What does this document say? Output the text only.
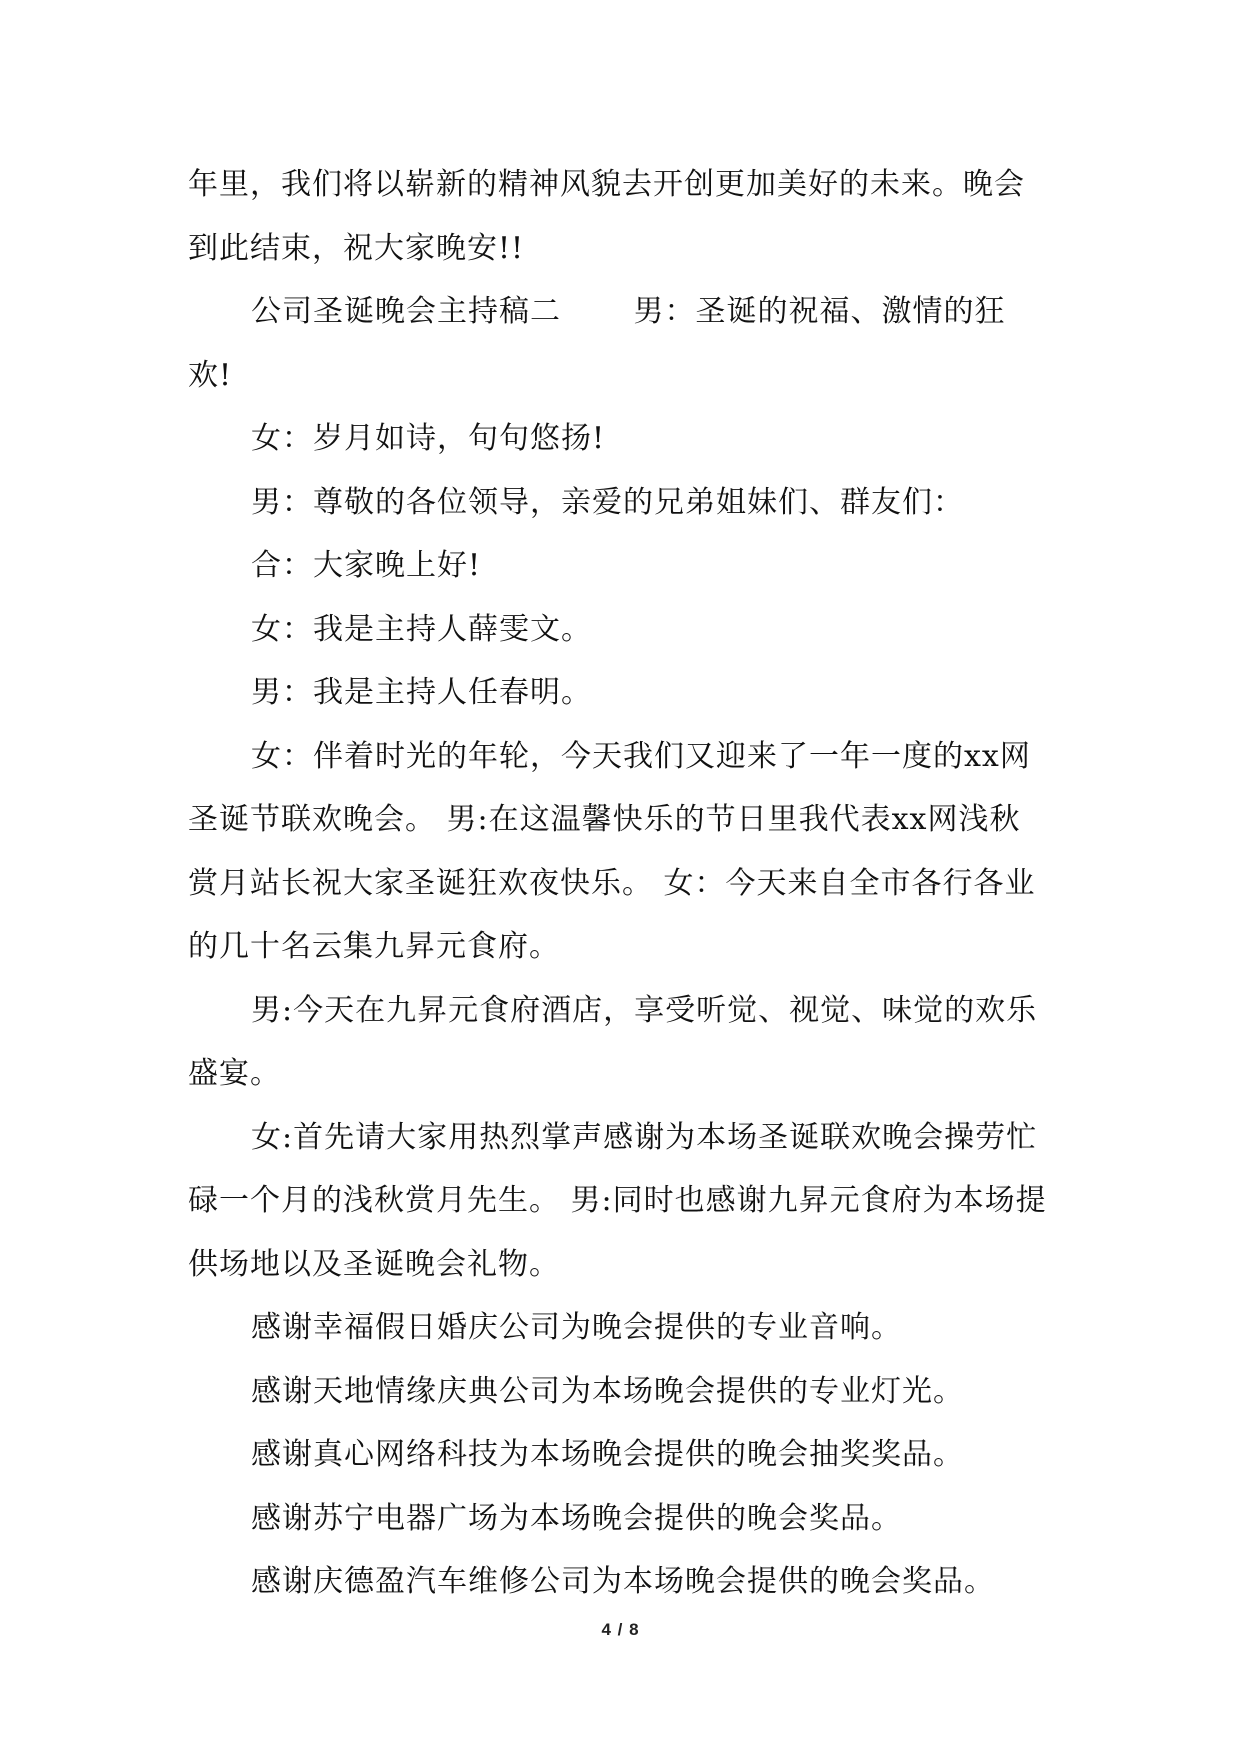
年里，我们将以崭新的精神风貌去开创更加美好的未来。晚会到此结束，祝大家晚安!!

公司圣诞晚会主持稿二　　 男：圣诞的祝福、激情的狂欢!

女：岁月如诗，句句悠扬!

男：尊敬的各位领导，亲爱的兄弟姐妹们、群友们：

合：大家晚上好!

女：我是主持人薛雯文。

男：我是主持人任春明。

女：伴着时光的年轮，今天我们又迎来了一年一度的xx网圣诞节联欢晚会。 男:在这温馨快乐的节日里我代表xx网浅秋赏月站长祝大家圣诞狂欢夜快乐。 女：今天来自全市各行各业的几十名云集九昇元食府。

男:今天在九昇元食府酒店，享受听觉、视觉、味觉的欢乐盛宴。

女:首先请大家用热烈掌声感谢为本场圣诞联欢晚会操劳忙碌一个月的浅秋赏月先生。 男:同时也感谢九昇元食府为本场提供场地以及圣诞晚会礼物。

感谢幸福假日婚庆公司为晚会提供的专业音响。

感谢天地情缘庆典公司为本场晚会提供的专业灯光。

感谢真心网络科技为本场晚会提供的晚会抽奖奖品。

感谢苏宁电器广场为本场晚会提供的晚会奖品。

感谢庆德盈汽车维修公司为本场晚会提供的晚会奖品。

4 / 8
